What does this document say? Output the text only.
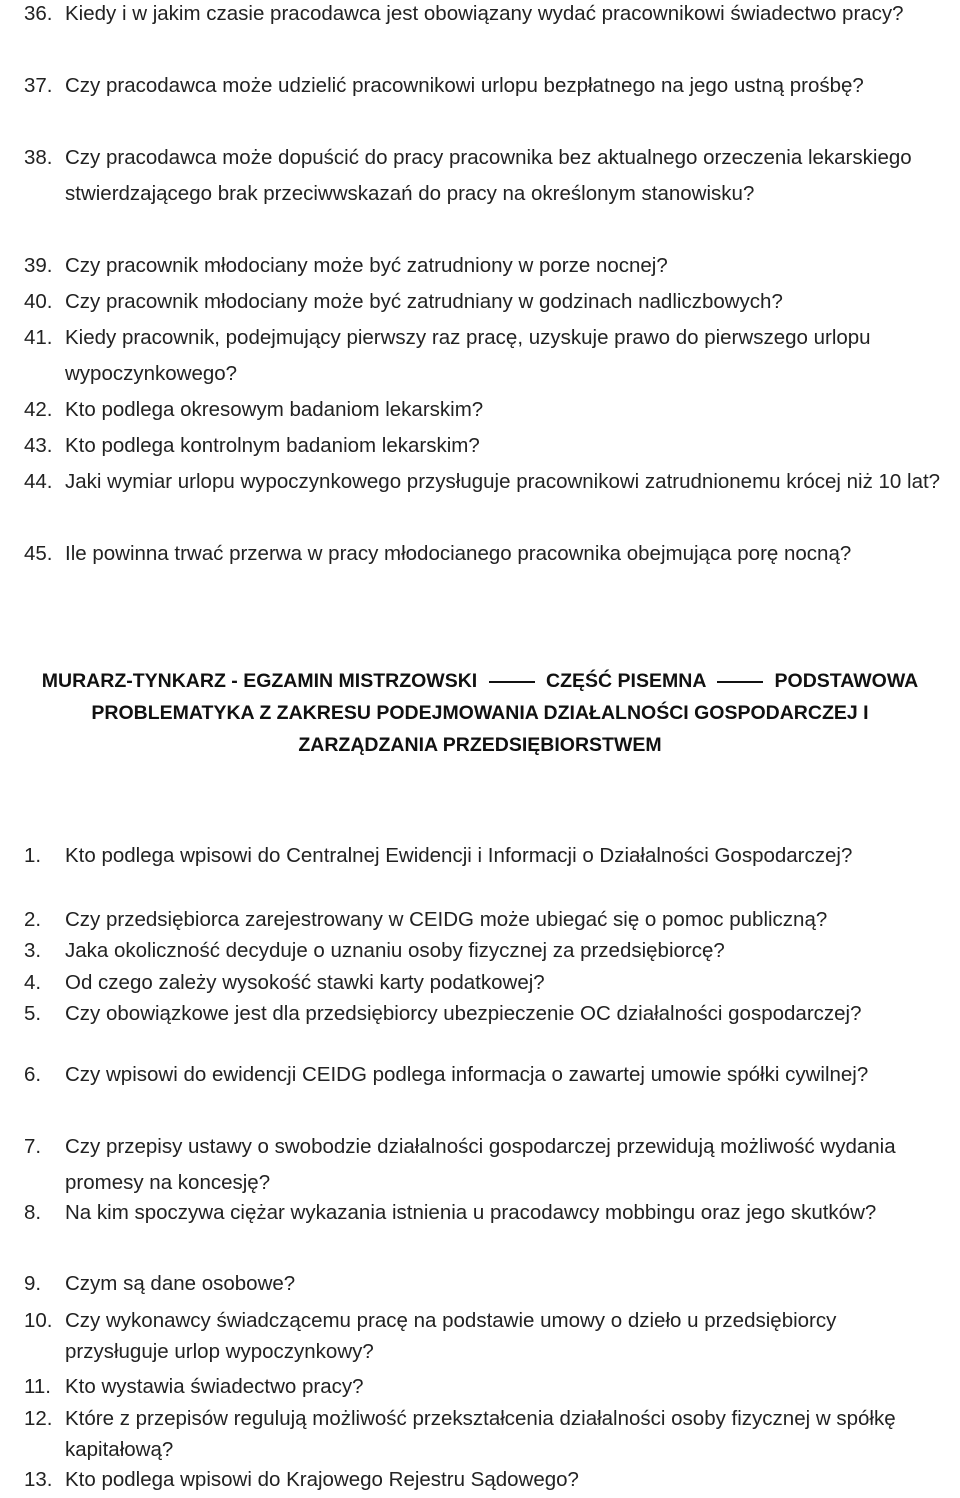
36. Kiedy i w jakim czasie pracodawca jest obowiązany wydać pracownikowi świadectwo pracy?
37. Czy pracodawca może udzielić pracownikowi urlopu bezpłatnego na jego ustną prośbę?
38. Czy pracodawca może dopuścić do pracy pracownika bez aktualnego orzeczenia lekarskiego stwierdzającego brak przeciwwskazań do pracy na określonym stanowisku?
39. Czy pracownik młodociany może być zatrudniony w porze nocnej?
40. Czy pracownik młodociany może być zatrudniany w godzinach nadliczbowych?
41. Kiedy pracownik, podejmujący pierwszy raz pracę, uzyskuje prawo do pierwszego urlopu wypoczynkowego?
42. Kto podlega okresowym badaniom lekarskim?
43. Kto podlega kontrolnym badaniom lekarskim?
44. Jaki wymiar urlopu wypoczynkowego przysługuje pracownikowi zatrudnionemu krócej niż 10 lat?
45. Ile powinna trwać przerwa w pracy młodocianego pracownika obejmująca porę nocną?
MURARZ-TYNKARZ - EGZAMIN MISTRZOWSKI	CZĘŚĆ PISEMNA	PODSTAWOWA
PROBLEMATYKA Z ZAKRESU PODEJMOWANIA DZIAŁALNOŚCI GOSPODARCZEJ I
ZARZĄDZANIA PRZEDSIĘBIORSTWEM
1.	Kto podlega wpisowi do Centralnej Ewidencji i Informacji o Działalności Gospodarczej?
2.	Czy przedsiębiorca zarejestrowany w CEIDG może ubiegać się o pomoc publiczną?
3.	Jaka okoliczność decyduje o uznaniu osoby fizycznej za przedsiębiorcę?
4.	Od czego zależy wysokość stawki karty podatkowej?
5.	Czy obowiązkowe jest dla przedsiębiorcy ubezpieczenie OC działalności gospodarczej?
6.	Czy wpisowi do ewidencji CEIDG podlega informacja o zawartej umowie spółki cywilnej?
7.	Czy przepisy ustawy o swobodzie działalności gospodarczej przewidują możliwość wydania promesy na koncesję?
8.	Na kim spoczywa ciężar wykazania istnienia u pracodawcy mobbingu oraz jego skutków?
9.	Czym są dane osobowe?
10. Czy wykonawcy świadczącemu pracę na podstawie umowy o dzieło u przedsiębiorcy przysługuje urlop wypoczynkowy?
11. Kto wystawia świadectwo pracy?
12. Które z przepisów regulują możliwość przekształcenia działalności osoby fizycznej w spółkę kapitałową?
13. Kto podlega wpisowi do Krajowego Rejestru Sądowego?
